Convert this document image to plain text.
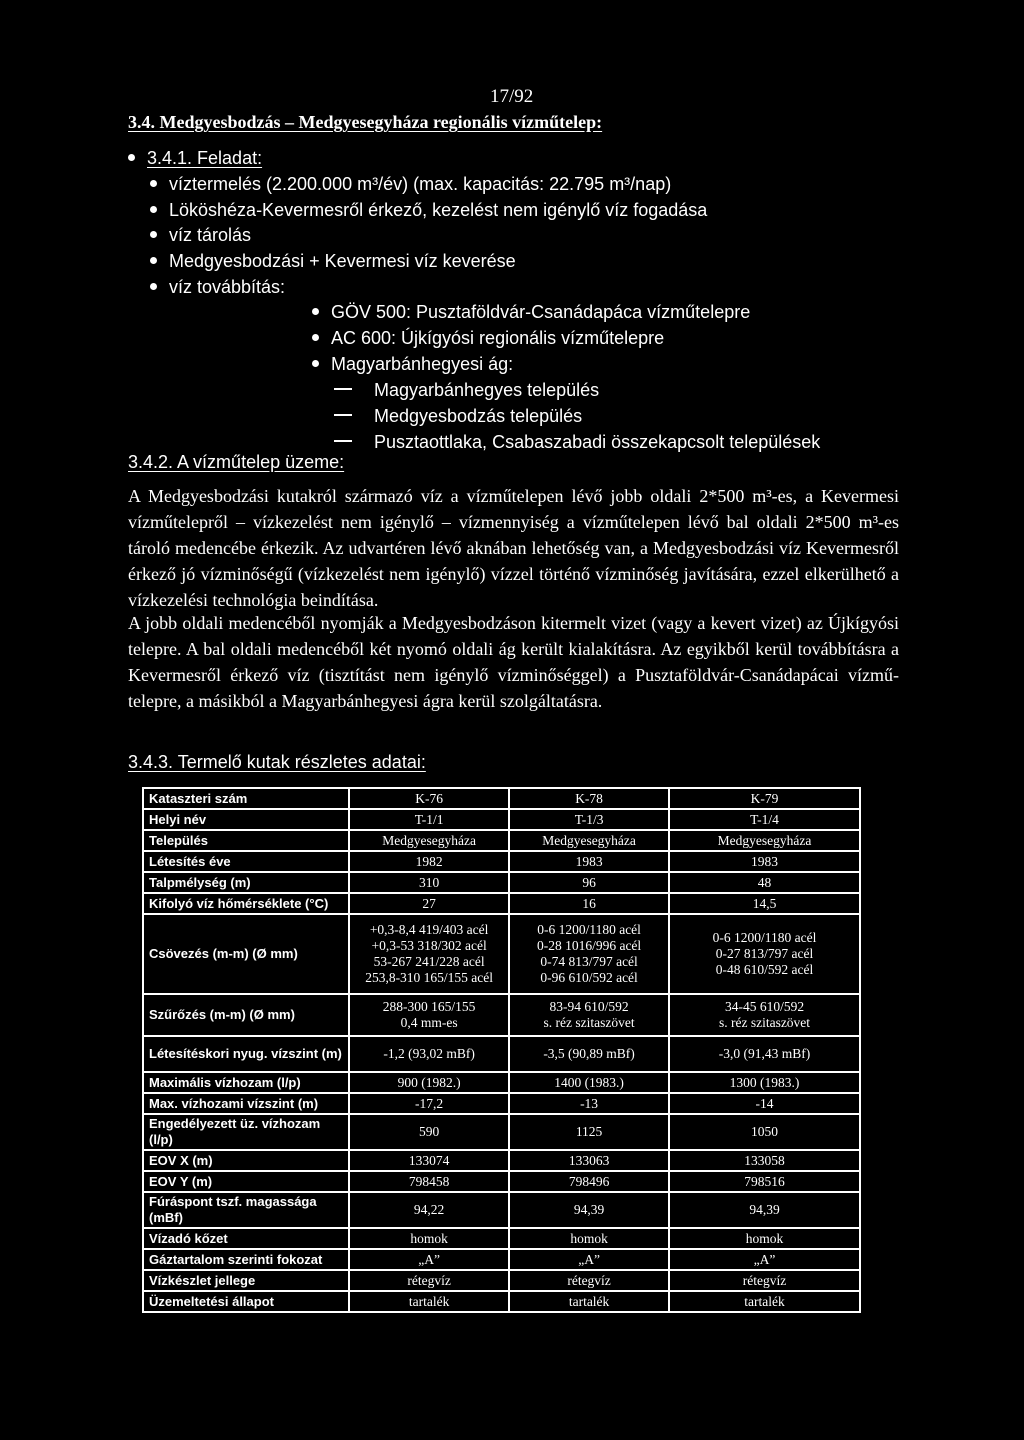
17/92
3.4. Medgyesbodzás – Medgyesegyháza regionális vízműtelep:
3.4.1. Feladat:
víztermelés (2.200.000 m³/év) (max. kapacitás: 22.795 m³/nap)
Lököshéza-Kevermesről érkező, kezelést nem igénylő víz fogadása
víz tárolás
Medgyesbodzási + Kevermesi víz keverése
víz továbbítás:
GÖV 500: Pusztaföldvár-Csanádapáca vízműtelepre
AC 600: Újkígyósi regionális vízműtelepre
Magyarbánhegyesi ág:
Magyarbánhegyes település
Medgyesbodzás település
Pusztaottlaka, Csabaszabadi összekapcsolt települések
3.4.2. A vízműtelep üzeme:

A Medgyesbodzási kutakról származó víz a vízműtelepen lévő jobb oldali 2*500 m³-es, a Kevermesi vízműtelepről – vízkezelést nem igénylő – vízmennyiség a vízműtelepen lévő bal oldali 2*500 m³-es tároló medencébe érkezik. Az udvartéren lévő aknában lehetőség van, a Medgyesbodzási víz Kevermesről érkező jó vízminőségű (vízkezelést nem igénylő) vízzel történő vízminőség javítására, ezzel elkerülhető a vízkezelési technológia beindítása.

A jobb oldali medencéből nyomják a Medgyesbodzáson kitermelt vizet (vagy a kevert vizet) az Újkígyósi telepre. A bal oldali medencéből két nyomó oldali ág került kialakításra. Az egyikből kerül továbbításra a Kevermesről érkező víz (tisztítást nem igénylő vízminőséggel) a Pusztaföldvár-Csanádapácai vízmű-telepre, a másikból a Magyarbánhegyesi ágra kerül szolgáltatásra.

3.4.3. Termelő kutak részletes adatai:
Kataszteri szám	K-76	K-78	K-79
Helyi név	T-1/1	T-1/3	T-1/4
Település	Medgyesegyháza	Medgyesegyháza	Medgyesegyháza
Létesítés éve	1982	1983	1983
Talpmélység (m)	310	96	48
Kifolyó víz hőmérséklete (°C)	27	16	14,5
Csövezés (m-m) (Ø mm)	+0,3-8,4 419/403 acél
+0,3-53 318/302 acél
53-267 241/228 acél
253,8-310 165/155 acél	0-6 1200/1180 acél
0-28 1016/996 acél
0-74 813/797 acél
0-96 610/592 acél	0-6 1200/1180 acél
0-27 813/797 acél
0-48 610/592 acél
Szűrőzés (m-m) (Ø mm)	288-300 165/155
0,4 mm-es	83-94 610/592
s. réz szitaszövet	34-45 610/592
s. réz szitaszövet
Létesítéskori nyug. vízszint (m)	-1,2 (93,02 mBf)	-3,5 (90,89 mBf)	-3,0 (91,43 mBf)
Maximális vízhozam (l/p)	900 (1982.)	1400 (1983.)	1300 (1983.)
Max. vízhozami vízszint (m)	-17,2	-13	-14
Engedélyezett üz. vízhozam (l/p)	590	1125	1050
EOV X (m)	133074	133063	133058
EOV Y (m)	798458	798496	798516
Fúráspont tszf. magassága (mBf)	94,22	94,39	94,39
Vízadó kőzet	homok	homok	homok
Gáztartalom szerinti fokozat	„A”	„A”	„A”
Vízkészlet jellege	rétegvíz	rétegvíz	rétegvíz
Üzemeltetési állapot	tartalék	tartalék	tartalék
